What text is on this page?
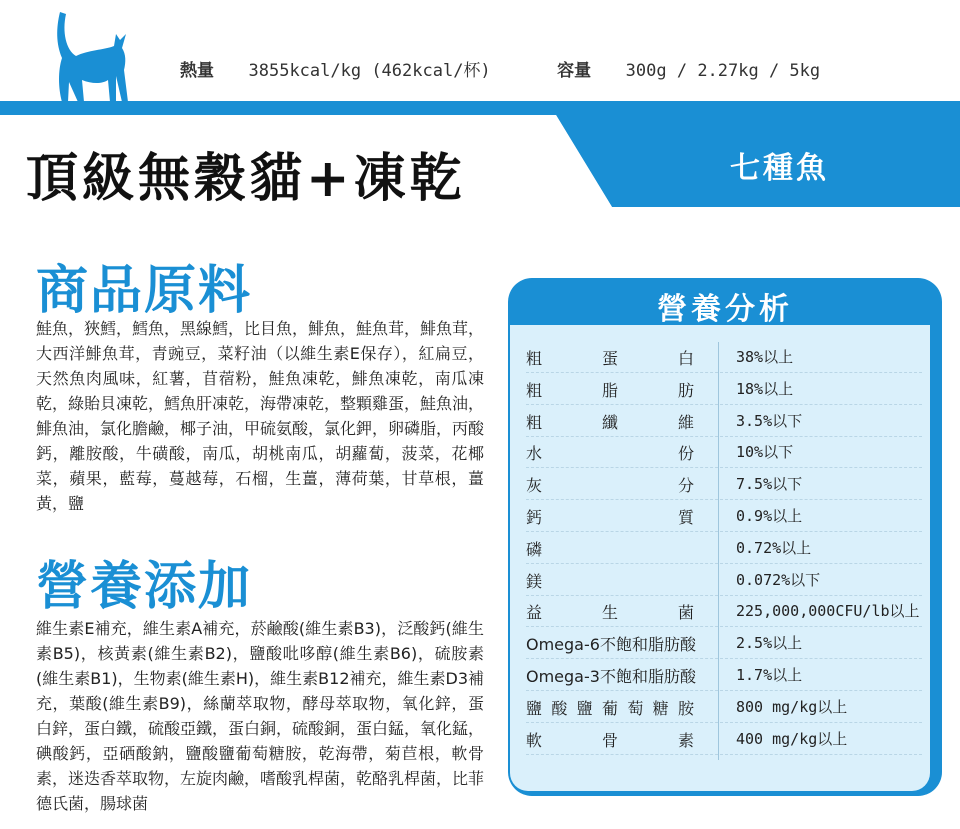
熱量 3855kcal/kg (462kcal/杯)	容量 300g / 2.27kg / 5kg
頂級無穀貓+凍乾	七種魚
商品原料
鮭魚，狹鱈，鱈魚，黑線鱈，比目魚，鯡魚，鮭魚茸，鯡魚茸，大西洋鯡魚茸，青豌豆，菜籽油（以維生素E保存），紅扁豆，天然魚肉風味，紅薯，苜蓿粉，鮭魚凍乾，鯡魚凍乾，南瓜凍乾，綠貽貝凍乾，鱈魚肝凍乾，海帶凍乾，整顆雞蛋，鮭魚油，鯡魚油，氯化膽鹼，椰子油，甲硫氨酸，氯化鉀，卵磷脂，丙酸鈣，離胺酸，牛磺酸，南瓜，胡桃南瓜，胡蘿蔔，菠菜，花椰菜，蘋果，藍莓，蔓越莓，石榴，生薑，薄荷葉，甘草根，薑黃，鹽
營養添加
維生素E補充，維生素A補充，菸鹼酸(維生素B3)，泛酸鈣(維生素B5)，核黃素(維生素B2)，鹽酸吡哆醇(維生素B6)，硫胺素(維生素B1)，生物素(維生素H)，維生素B12補充，維生素D3補充，葉酸(維生素B9)，絲蘭萃取物，酵母萃取物，氧化鋅，蛋白鋅，蛋白鐵，硫酸亞鐵，蛋白銅，硫酸銅，蛋白錳，氧化錳，碘酸鈣，亞硒酸鈉，鹽酸鹽葡萄糖胺，乾海帶，菊苣根，軟骨素，迷迭香萃取物，左旋肉鹼，嗜酸乳桿菌，乾酪乳桿菌，比菲德氏菌，腸球菌
營養分析
粗蛋白	38%以上
粗脂肪	18%以上
粗纖維	3.5%以下
水份	10%以下
灰分	7.5%以下
鈣質	0.9%以上
磷	0.72%以上
鎂	0.072%以下
益生菌	225,000,000CFU/lb以上
Omega-6不飽和脂肪酸	2.5%以上
Omega-3不飽和脂肪酸	1.7%以上
鹽酸鹽葡萄糖胺	800 mg/kg以上
軟骨素	400 mg/kg以上
